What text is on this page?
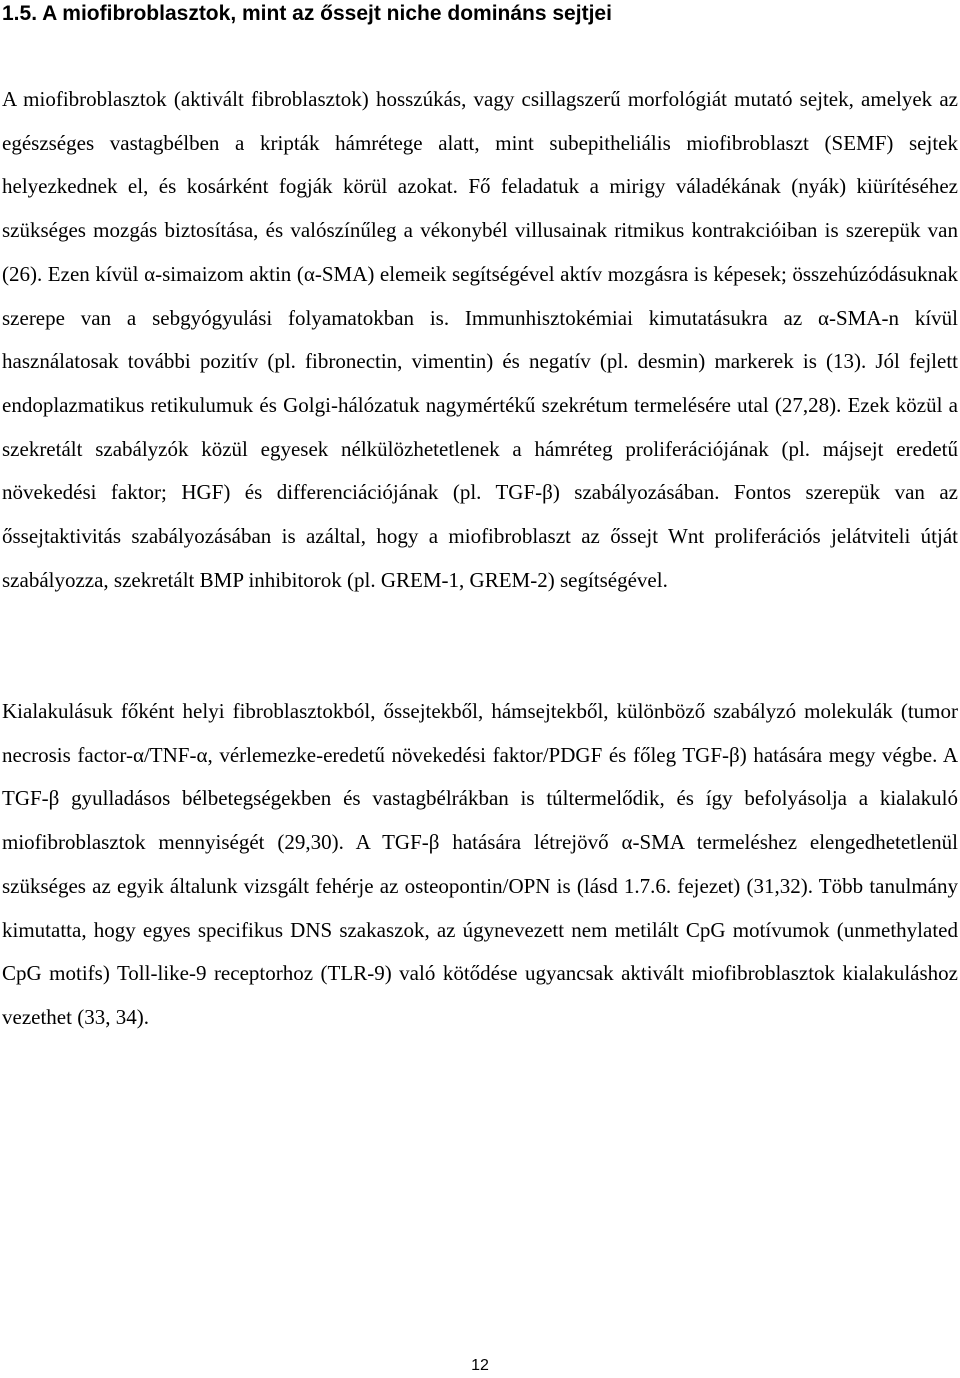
1.5. A miofibroblasztok, mint az őssejt niche domináns sejtjei

A miofibroblasztok (aktivált fibroblasztok) hosszúkás, vagy csillagszerű morfológiát mutató sejtek, amelyek az egészséges vastagbélben a kripták hámrétege alatt, mint subepitheliális miofibroblaszt (SEMF) sejtek helyezkednek el, és kosárként fogják körül azokat. Fő feladatuk a mirigy váladékának (nyák) kiürítéséhez szükséges mozgás biztosítása, és valószínűleg a vékonybél villusainak ritmikus kontrakcióiban is szerepük van (26). Ezen kívül α-simaizom aktin (α-SMA) elemeik segítségével aktív mozgásra is képesek; összehúzódásuknak szerepe van a sebgyógyulási folyamatokban is. Immunhisztokémiai kimutatásukra az α-SMA-n kívül használatosak további pozitív (pl. fibronectin, vimentin) és negatív (pl. desmin) markerek is (13). Jól fejlett endoplazmatikus retikulumuk és Golgi-hálózatuk nagymértékű szekrétum termelésére utal (27,28). Ezek közül a szekretált szabályzók közül egyesek nélkülözhetetlenek a hámréteg proliferációjának (pl. májsejt eredetű növekedési faktor; HGF) és differenciációjának (pl. TGF-β) szabályozásában. Fontos szerepük van az őssejtaktivitás szabályozásában is azáltal, hogy a miofibroblaszt az őssejt Wnt proliferációs jelátviteli útját szabályozza, szekretált BMP inhibitorok (pl. GREM-1, GREM-2) segítségével.

Kialakulásuk főként helyi fibroblasztokból, őssejtekből, hámsejtekből, különböző szabályzó molekulák (tumor necrosis factor-α/TNF-α, vérlemezke-eredetű növekedési faktor/PDGF és főleg TGF-β) hatására megy végbe. A TGF-β gyulladásos bélbetegségekben és vastagbélrákban is túltermelődik, és így befolyásolja a kialakuló miofibroblasztok mennyiségét (29,30). A TGF-β hatására létrejövő α-SMA termeléshez elengedhetetlenül szükséges az egyik általunk vizsgált fehérje az osteopontin/OPN is (lásd 1.7.6. fejezet) (31,32). Több tanulmány kimutatta, hogy egyes specifikus DNS szakaszok, az úgynevezett nem metilált CpG motívumok (unmethylated CpG motifs) Toll-like-9 receptorhoz (TLR-9) való kötődése ugyancsak aktivált miofibroblasztok kialakuláshoz vezethet (33, 34).

12
